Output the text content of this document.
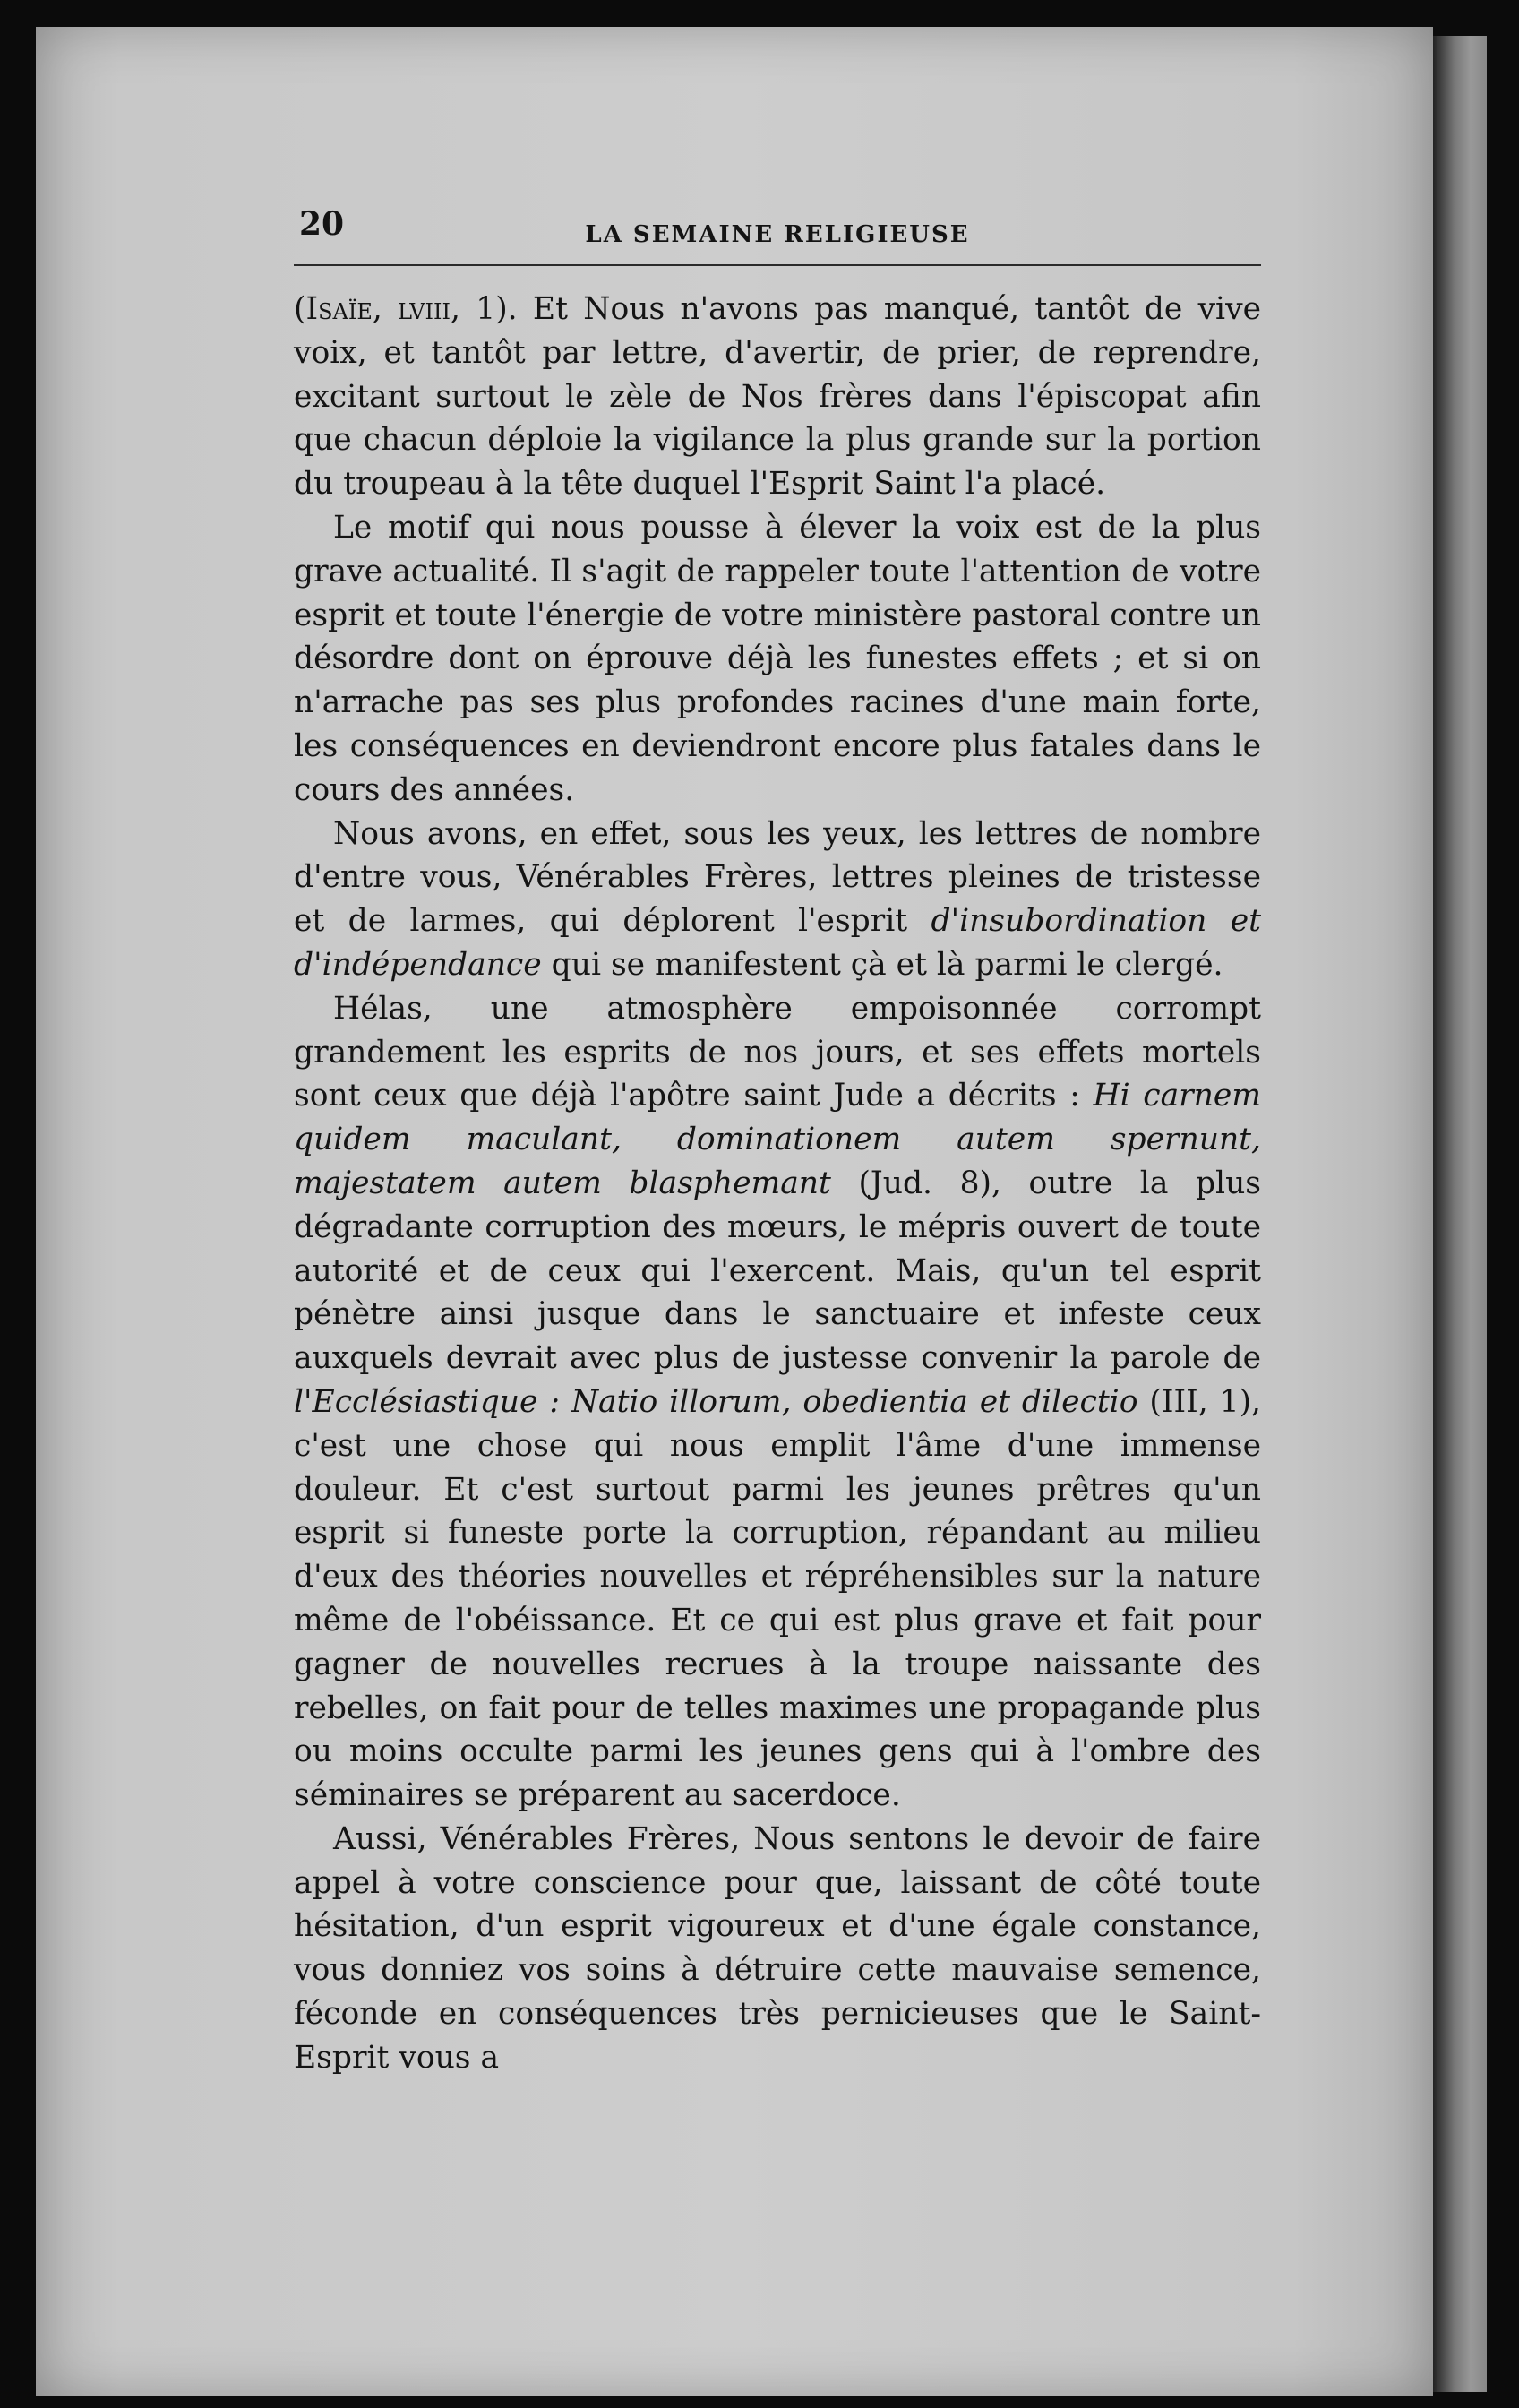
20	LA SEMAINE RELIGIEUSE

(Isaïe, lviii, 1). Et Nous n'avons pas manqué, tantôt de vive voix, et tantôt par lettre, d'avertir, de prier, de reprendre, excitant surtout le zèle de Nos frères dans l'épiscopat afin que chacun déploie la vigilance la plus grande sur la portion du troupeau à la tête duquel l'Esprit Saint l'a placé.

Le motif qui nous pousse à élever la voix est de la plus grave actualité. Il s'agit de rappeler toute l'attention de votre esprit et toute l'énergie de votre ministère pastoral contre un désordre dont on éprouve déjà les funestes effets ; et si on n'arrache pas ses plus profondes racines d'une main forte, les conséquences en deviendront encore plus fatales dans le cours des années.

Nous avons, en effet, sous les yeux, les lettres de nombre d'entre vous, Vénérables Frères, lettres pleines de tristesse et de larmes, qui déplorent l'esprit d'insubordination et d'indépendance qui se manifestent çà et là parmi le clergé.

Hélas, une atmosphère empoisonnée corrompt grandement les esprits de nos jours, et ses effets mortels sont ceux que déjà l'apôtre saint Jude a décrits : Hi carnem quidem maculant, dominationem autem spernunt, majestatem autem blasphemant (Jud. 8), outre la plus dégradante corruption des mœurs, le mépris ouvert de toute autorité et de ceux qui l'exercent. Mais, qu'un tel esprit pénètre ainsi jusque dans le sanctuaire et infeste ceux auxquels devrait avec plus de justesse convenir la parole de l'Ecclésiastique : Natio illorum, obedientia et dilectio (III, 1), c'est une chose qui nous emplit l'âme d'une immense douleur. Et c'est surtout parmi les jeunes prêtres qu'un esprit si funeste porte la corruption, répandant au milieu d'eux des théories nouvelles et répréhensibles sur la nature même de l'obéissance. Et ce qui est plus grave et fait pour gagner de nouvelles recrues à la troupe naissante des rebelles, on fait pour de telles maximes une propagande plus ou moins occulte parmi les jeunes gens qui à l'ombre des séminaires se préparent au sacerdoce.

Aussi, Vénérables Frères, Nous sentons le devoir de faire appel à votre conscience pour que, laissant de côté toute hésitation, d'un esprit vigoureux et d'une égale constance, vous donniez vos soins à détruire cette mauvaise semence, féconde en conséquences très pernicieuses que le Saint-Esprit vous a
